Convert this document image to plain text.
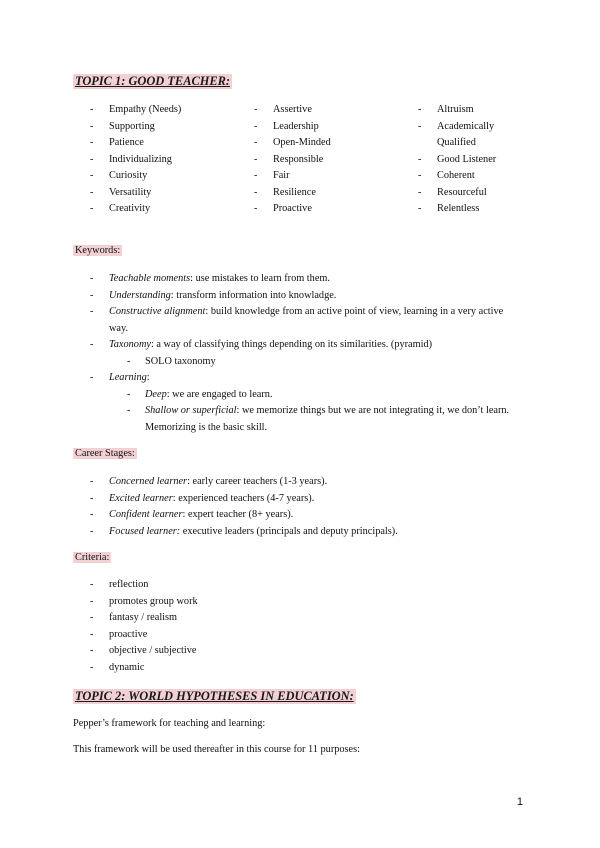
TOPIC 1: GOOD TEACHER:
- Empathy (Needs)
- Supporting
- Patience
- Individualizing
- Curiosity
- Versatility
- Creativity
- Assertive
- Leadership
- Open-Minded
- Responsible
- Fair
- Resilience
- Proactive
- Altruism
- Academically
Qualified
- Good Listener
- Coherent
- Resourceful
- Relentless
Keywords:
- Teachable moments: use mistakes to learn from them.
- Understanding: transform information into knowladge.
- Constructive alignment: build knowledge from an active point of view, learning in a very active
way.
- Taxonomy: a way of classifying things depending on its similarities. (pyramid)
- SOLO taxonomy
- Learning:
- Deep: we are engaged to learn.
- Shallow or superficial: we memorize things but we are not integrating it, we don’t learn.
Memorizing is the basic skill.
Career Stages:
- Concerned learner: early career teachers (1-3 years).
- Excited learner: experienced teachers (4-7 years).
- Confident learner: expert teacher (8+ years).
- Focused learner: executive leaders (principals and deputy principals).
Criteria:
- reflection
- promotes group work
- fantasy / realism
- proactive
- objective / subjective
- dynamic
TOPIC 2: WORLD HYPOTHESES IN EDUCATION:
Pepper’s framework for teaching and learning:
This framework will be used thereafter in this course for 11 purposes:
1
